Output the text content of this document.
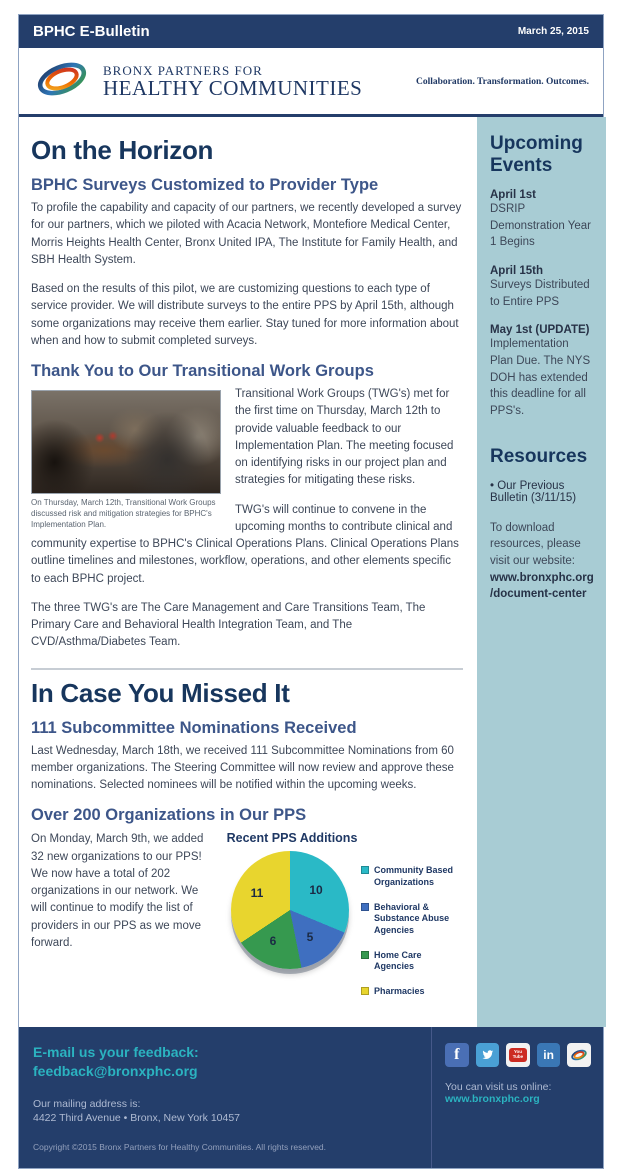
BPHC E-Bulletin	March 25, 2015
BRONX PARTNERS FOR
HEALTHY COMMUNITIES	Collaboration. Transformation. Outcomes.
On the Horizon
BPHC Surveys Customized to Provider Type

To profile the capability and capacity of our partners, we recently developed a survey for our partners, which we piloted with Acacia Network, Montefiore Medical Center, Morris Heights Health Center, Bronx United IPA, The Institute for Family Health, and SBH Health System.

Based on the results of this pilot, we are customizing questions to each type of service provider. We will distribute surveys to the entire PPS by April 15th, although some organizations may receive them earlier. Stay tuned for more information about when and how to submit completed surveys.

Thank You to Our Transitional Work Groups
On Thursday, March 12th, Transitional Work Groups discussed risk and mitigation strategies for BPHC's Implementation Plan.

Transitional Work Groups (TWG's) met for the first time on Thursday, March 12th to provide valuable feedback to our Implementation Plan. The meeting focused on identifying risks in our project plan and strategies for mitigating these risks.

TWG's will continue to convene in the upcoming months to contribute clinical and community expertise to BPHC's Clinical Operations Plans. Clinical Operations Plans outline timelines and milestones, workflow, operations, and other elements specific to each BPHC project.

The three TWG's are The Care Management and Care Transitions Team, The Primary Care and Behavioral Health Integration Team, and The CVD/Asthma/Diabetes Team.

In Case You Missed It
111 Subcommittee Nominations Received

Last Wednesday, March 18th, we received 111 Subcommittee Nominations from 60 member organizations. The Steering Committee will now review and approve these nominations. Selected nominees will be notified within the upcoming weeks.

Over 200 Organizations in Our PPS

On Monday, March 9th, we added 32 new organizations to our PPS! We now have a total of 202 organizations in our network. We will continue to modify the list of providers in our PPS as we move forward.

Recent PPS Additions
10
5
6
11
Community Based Organizations
Behavioral & Substance Abuse Agencies
Home Care Agencies
Pharmacies
Upcoming Events
April 1st
DSRIP Demonstration Year 1 Begins
April 15th
Surveys Distributed to Entire PPS
May 1st (UPDATE)
Implementation Plan Due. The NYS DOH has extended this deadline for all PPS's.
Resources
• Our Previous Bulletin (3/11/15)
To download resources, please visit our website:
www.bronxphc.org
/document-center
E-mail us your feedback:
feedback@bronxphc.org
Our mailing address is:
4422 Third Avenue • Bronx, New York 10457
Copyright ©2015 Bronx Partners for Healthy Communities. All rights reserved.
f	You
Tube	in
You can visit us online:
www.bronxphc.org
